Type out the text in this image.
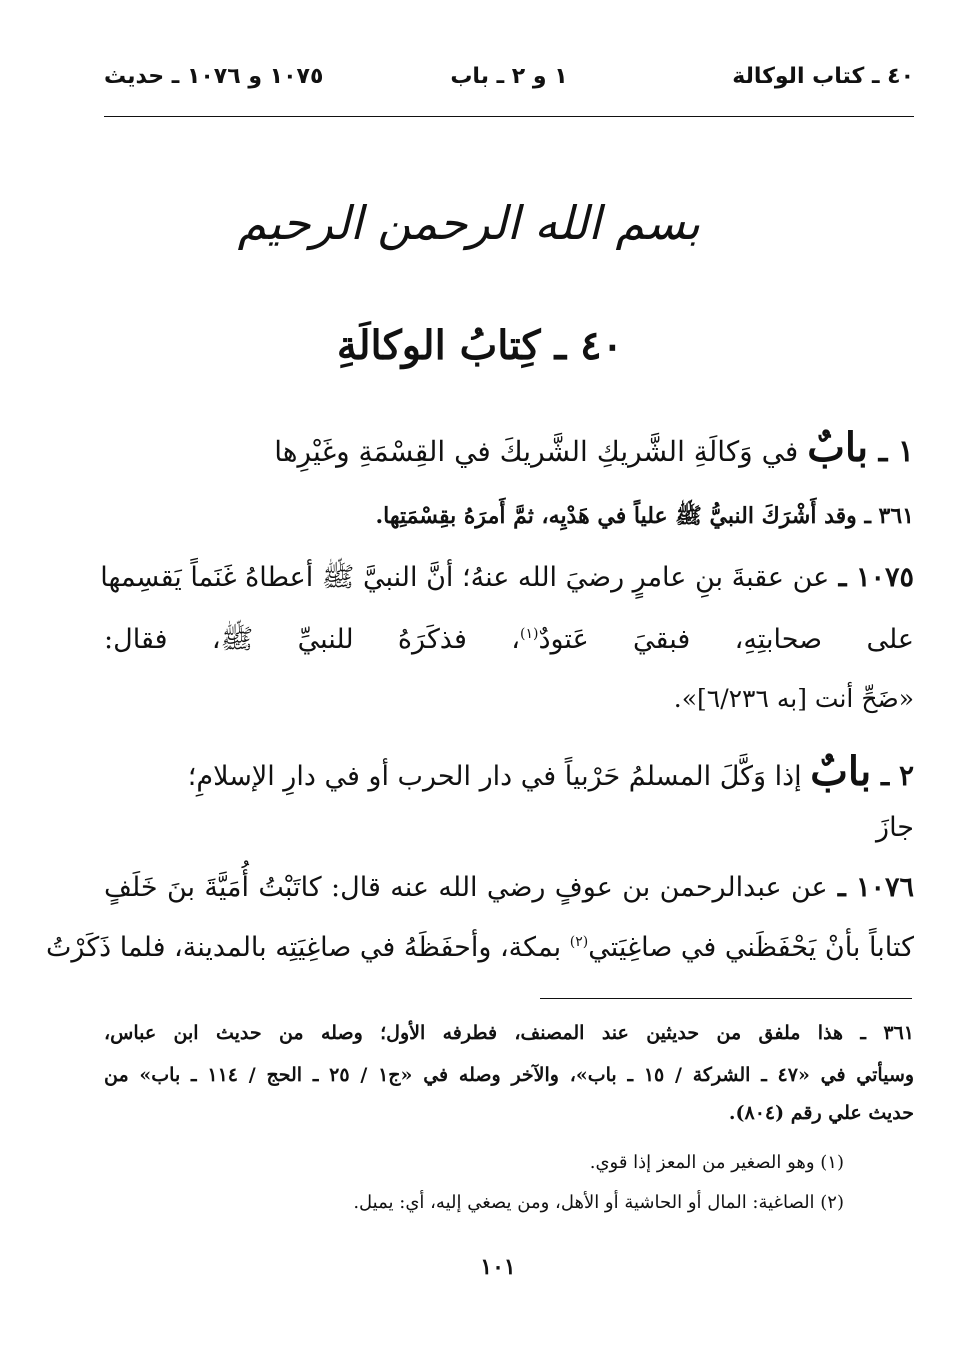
٤٠ ـ كتاب الوكالة
١ و ٢ ـ باب
١٠٧٥ و ١٠٧٦ ـ حديث
بسم الله الرحمن الرحيم
٤٠ ـ كِتابُ الوكالَةِ
١ ـ بابٌ في وَكالَةِ الشَّريكِ الشَّريكَ في القِسْمَةِ وغَيْرِها
٣٦١ ـ وقد أَشْرَكَ النبيُّ ﷺ علياً في هَدْيِه، ثمَّ أَمرَهُ بقِسْمَتِها.
١٠٧٥ ـ عن عقبةَ بنِ عامرٍ رضيَ الله عنهُ؛ أنَّ النبيَّ ﷺ أعطاهُ غَنَماً يَقسِمها
على صحابتِهِ، فبقيَ عَتودٌ$^{(١)}$، فذكَرَهُ للنبيِّ ﷺ، فقال:
«ضَحِّ أنت [به ٦/٢٣٦]».
٢ ـ بابٌ إذا وَكَّلَ المسلمُ حَرْبياً في دار الحرب أو في دارِ الإسلامِ؛
جازَ
١٠٧٦ ـ عن عبدالرحمن بن عوفٍ رضي الله عنه قال: كاتَبْتُ أُمَيَّةَ بنَ خَلَفٍ
كتاباً بأنْ يَحْفَظَني في صاغِيَتي$^{(٢)}$ بمكة، وأحفَظَهُ في صاغِيَتِه بالمدينة، فلما ذَكَرْتُ
٣٦١ ـ هذا ملفق من حديثين عند المصنف، فطرفه الأول؛ وصله من حديث ابن عباس،
وسيأتي في «٤٧ ـ الشركة / ١٥ ـ باب»، والآخر وصله في «ج١ / ٢٥ ـ الحج / ١١٤ ـ باب» من
حديث علي رقم (٨٠٤).
(١) وهو الصغير من المعز إذا قوي.
(٢) الصاغية: المال أو الحاشية أو الأهل، ومن يصغي إليه، أي: يميل.
١٠١
